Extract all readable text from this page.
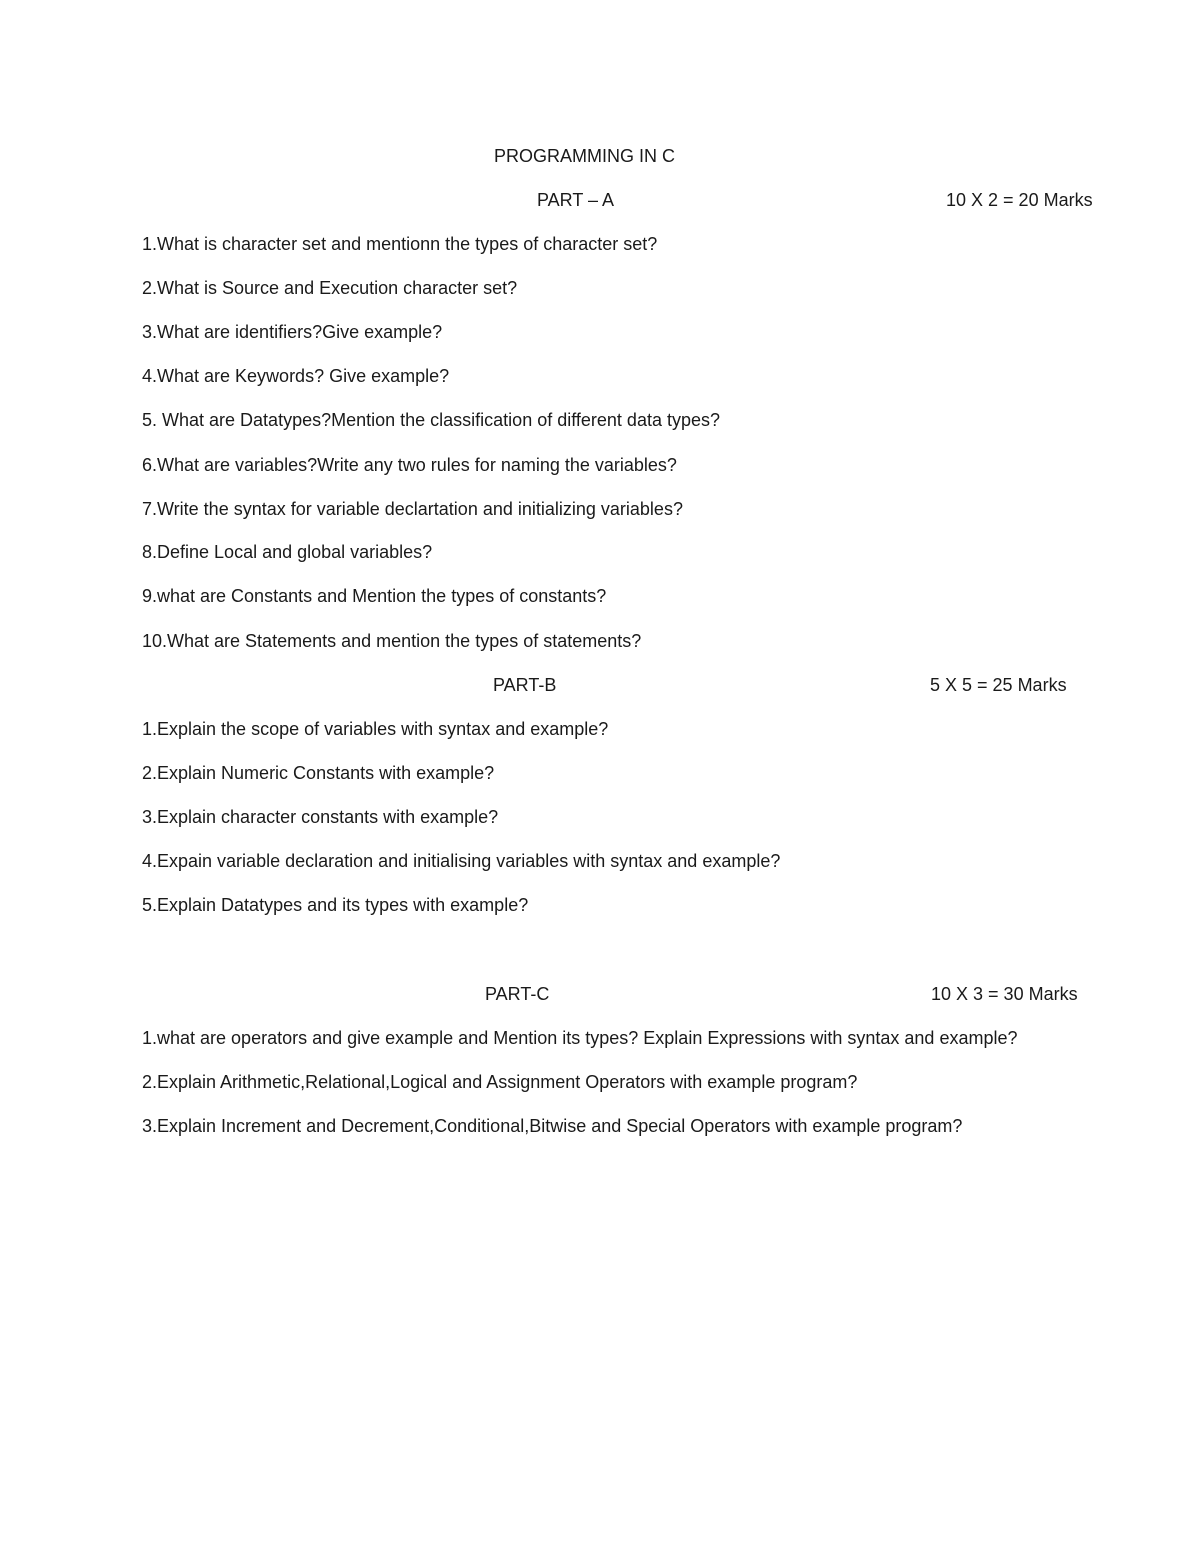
PROGRAMMING IN C
PART – A	10 X 2 = 20 Marks
1.What is character set and mentionn the types of character set?
2.What is Source and Execution character set?
3.What are identifiers?Give example?
4.What are Keywords? Give example?
5. What are Datatypes?Mention the classification of different data types?
6.What are variables?Write any two rules for naming the variables?
7.Write the syntax for variable declartation and initializing variables?
8.Define Local and global variables?
9.what are Constants and Mention the types of constants?
10.What are Statements and mention the types of statements?
PART-B	5 X 5 = 25 Marks
1.Explain the scope of variables with syntax and example?
2.Explain Numeric Constants with example?
3.Explain character constants with example?
4.Expain variable declaration and initialising variables with syntax and example?
5.Explain Datatypes and its types with example?
PART-C	10 X 3 = 30 Marks
1.what are operators and give example and Mention its types? Explain Expressions with syntax and example?
2.Explain Arithmetic,Relational,Logical and Assignment Operators with example program?
3.Explain Increment and Decrement,Conditional,Bitwise and Special Operators with example program?
